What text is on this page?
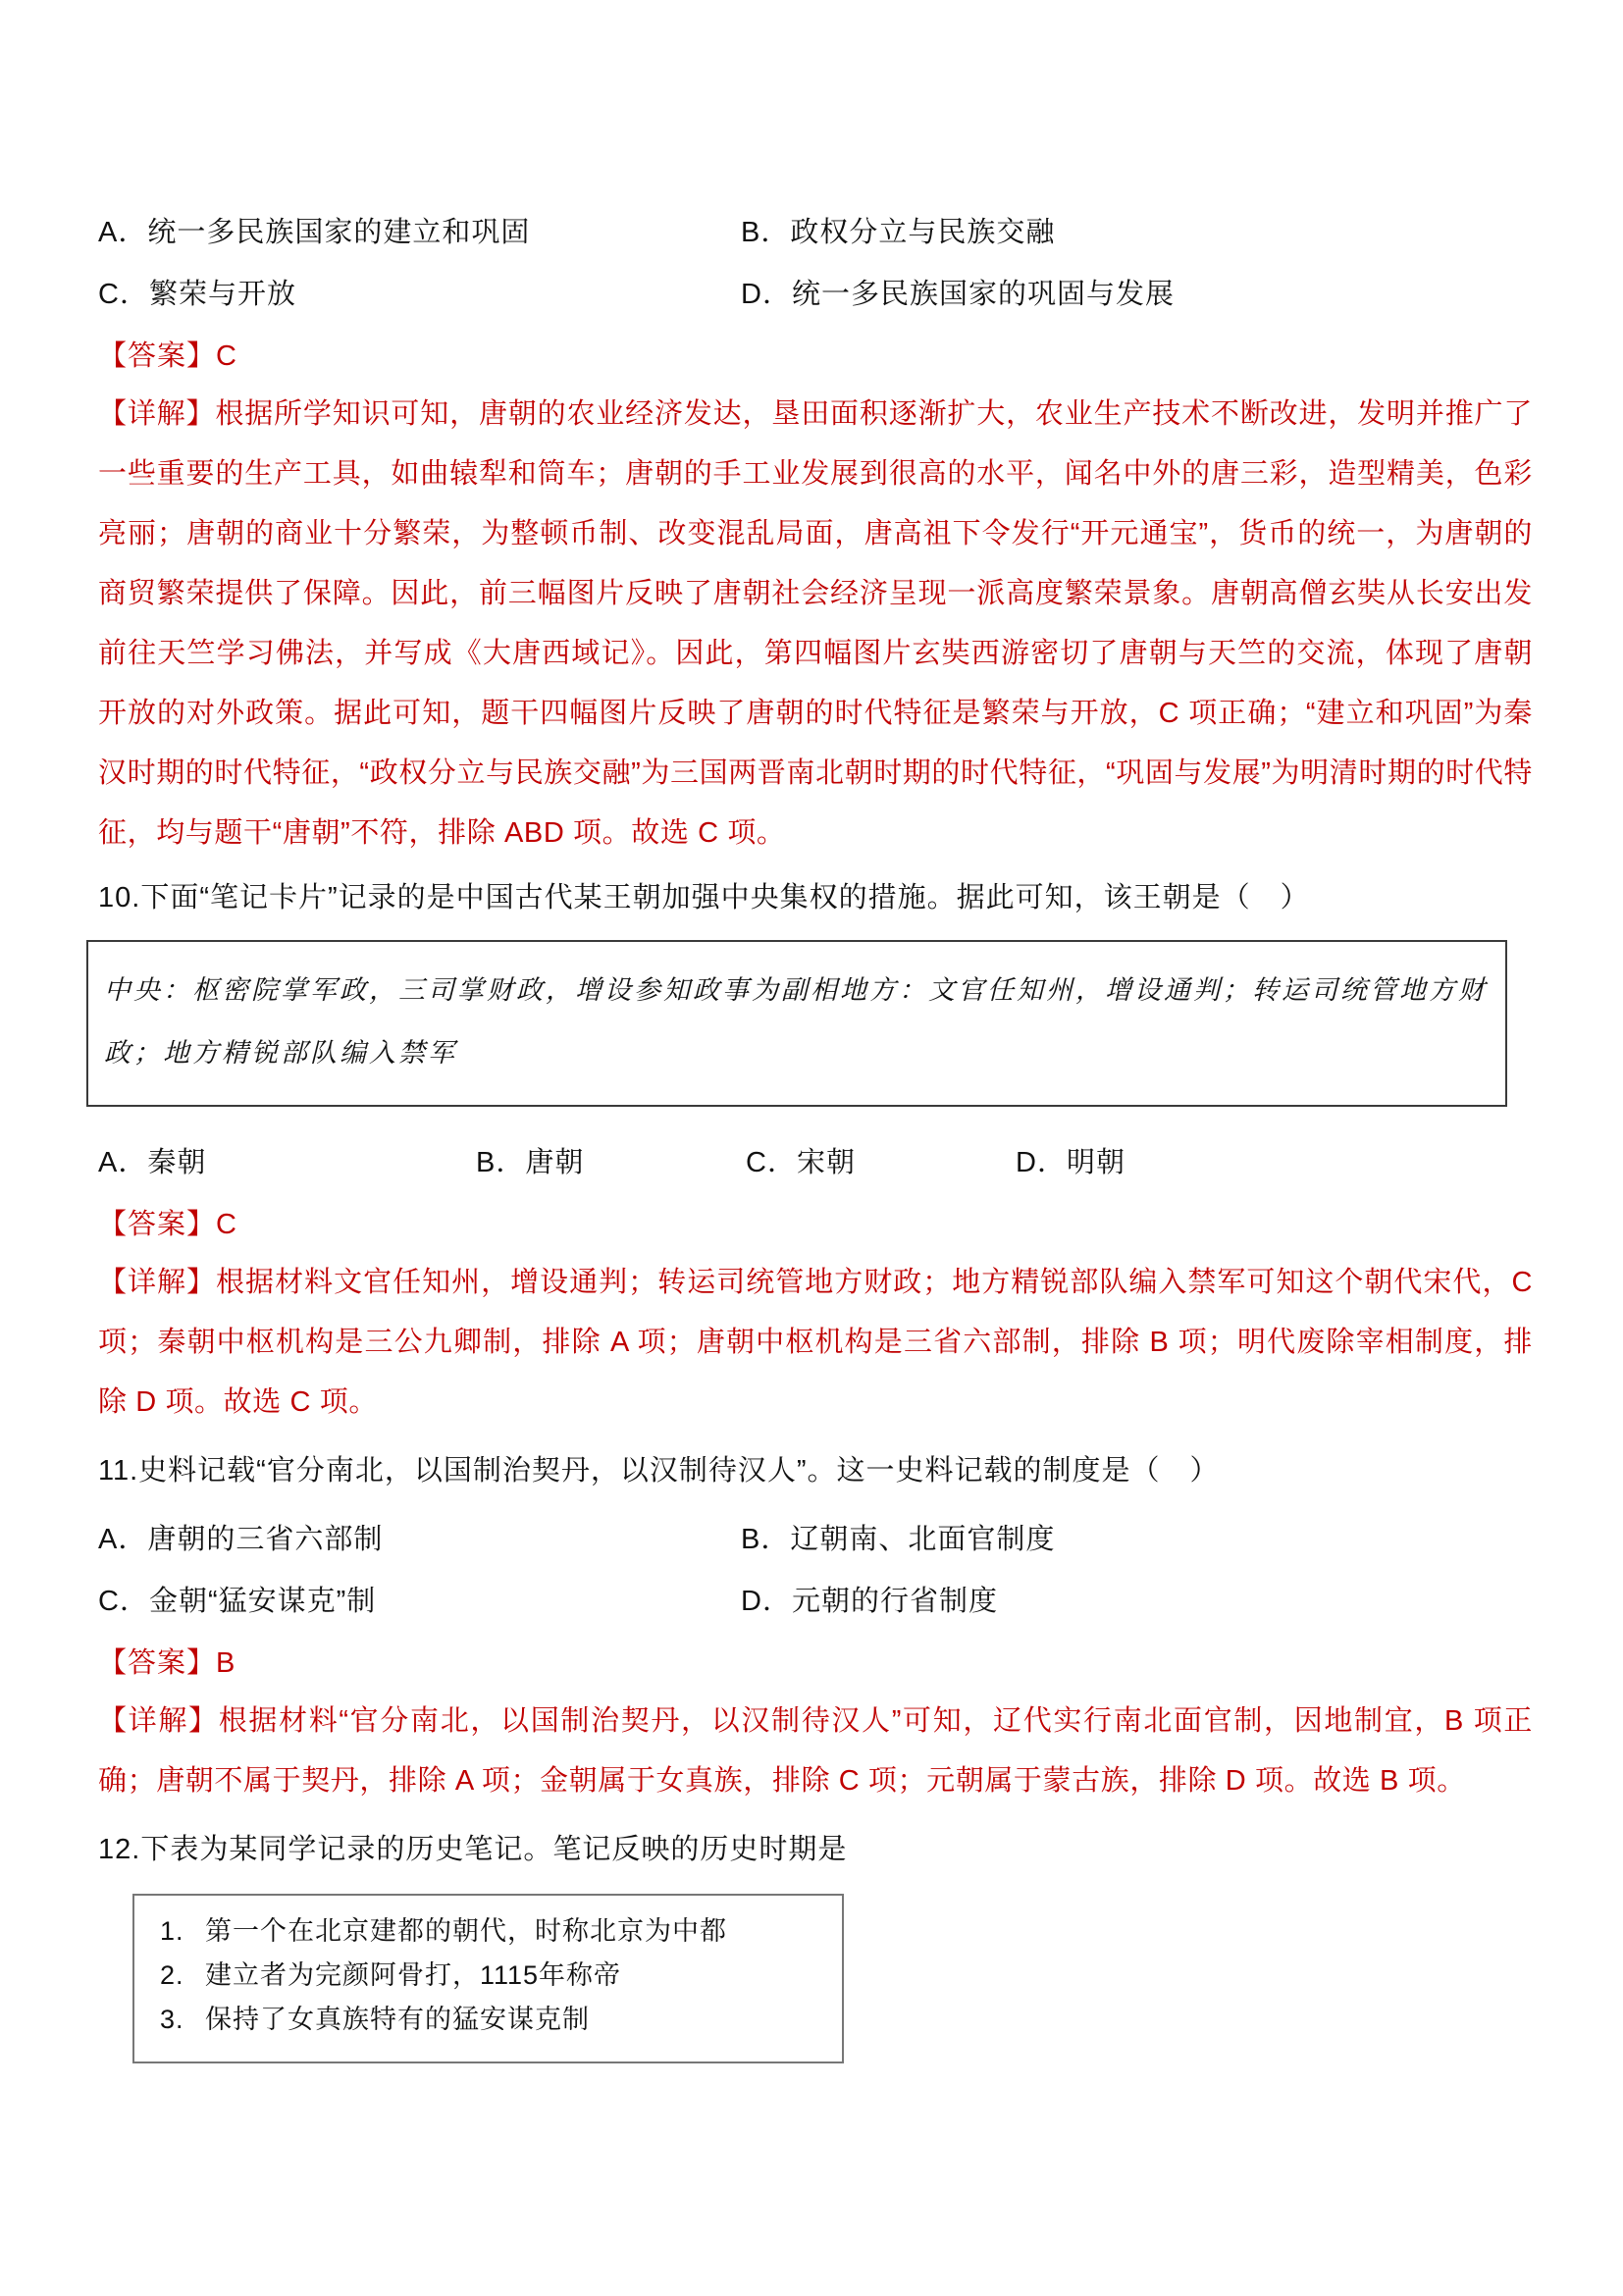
A．统一多民族国家的建立和巩固	B．政权分立与民族交融
C．繁荣与开放	D．统一多民族国家的巩固与发展
【答案】C

【详解】根据所学知识可知，唐朝的农业经济发达，垦田面积逐渐扩大，农业生产技术不断改进，发明并推广了一些重要的生产工具，如曲辕犁和筒车；唐朝的手工业发展到很高的水平，闻名中外的唐三彩，造型精美，色彩亮丽；唐朝的商业十分繁荣，为整顿币制、改变混乱局面，唐高祖下令发行“开元通宝”，货币的统一，为唐朝的商贸繁荣提供了保障。因此，前三幅图片反映了唐朝社会经济呈现一派高度繁荣景象。唐朝高僧玄奘从长安出发前往天竺学习佛法，并写成《大唐西域记》。因此，第四幅图片玄奘西游密切了唐朝与天竺的交流，体现了唐朝开放的对外政策。据此可知，题干四幅图片反映了唐朝的时代特征是繁荣与开放，C 项正确；“建立和巩固”为秦汉时期的时代特征，“政权分立与民族交融”为三国两晋南北朝时期的时代特征，“巩固与发展”为明清时期的时代特征，均与题干“唐朝”不符，排除 ABD 项。故选 C 项。

10.下面“笔记卡片”记录的是中国古代某王朝加强中央集权的措施。据此可知，该王朝是（　）
中央：枢密院掌军政，三司掌财政，增设参知政事为副相地方：文官任知州，增设通判；转运司统管地方财政；地方精锐部队编入禁军
A．秦朝	B．唐朝	C．宋朝	D．明朝
【答案】C

【详解】根据材料文官任知州，增设通判；转运司统管地方财政；地方精锐部队编入禁军可知这个朝代宋代，C 项；秦朝中枢机构是三公九卿制，排除 A 项；唐朝中枢机构是三省六部制，排除 B 项；明代废除宰相制度，排除 D 项。故选 C 项。

11.史料记载“官分南北，以国制治契丹，以汉制待汉人”。这一史料记载的制度是（　）
A．唐朝的三省六部制	B．辽朝南、北面官制度
C．金朝“猛安谋克”制	D．元朝的行省制度
【答案】B

【详解】根据材料“官分南北，以国制治契丹，以汉制待汉人”可知，辽代实行南北面官制，因地制宜，B 项正确；唐朝不属于契丹，排除 A 项；金朝属于女真族，排除 C 项；元朝属于蒙古族，排除 D 项。故选 B 项。

12.下表为某同学记录的历史笔记。笔记反映的历史时期是
1. 第一个在北京建都的朝代，时称北京为中都
2. 建立者为完颜阿骨打，1115年称帝
3. 保持了女真族特有的猛安谋克制
